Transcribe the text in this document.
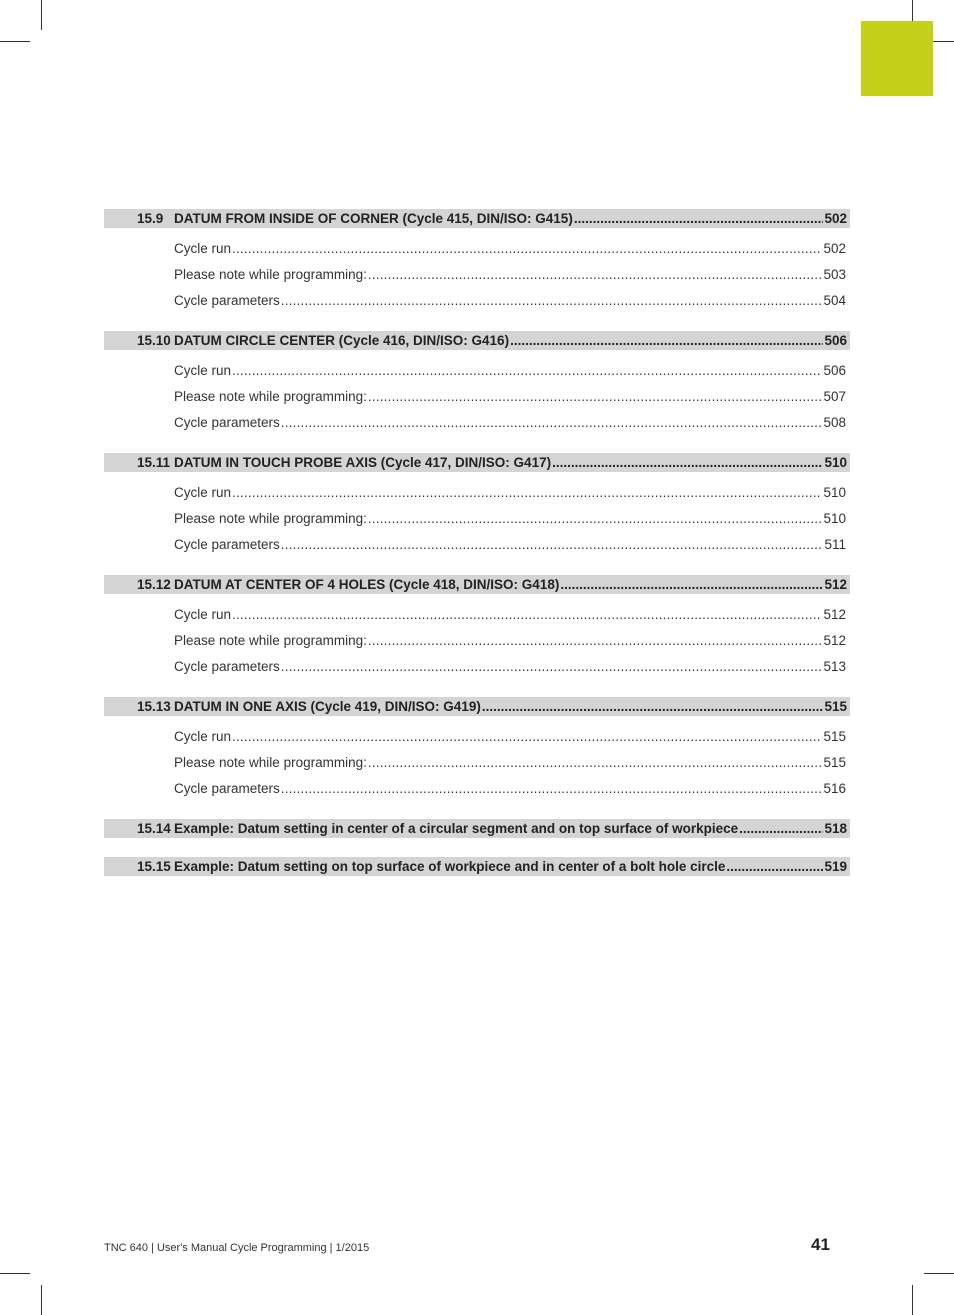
15.9 DATUM FROM INSIDE OF CORNER (Cycle 415, DIN/ISO: G415) .....	502
Cycle run .....	502
Please note while programming: .....	503
Cycle parameters .....	504
15.10 DATUM CIRCLE CENTER (Cycle 416, DIN/ISO: G416) .....	506
Cycle run .....	506
Please note while programming: .....	507
Cycle parameters .....	508
15.11 DATUM IN TOUCH PROBE AXIS (Cycle 417, DIN/ISO: G417) .....	510
Cycle run .....	510
Please note while programming: .....	510
Cycle parameters .....	511
15.12 DATUM AT CENTER OF 4 HOLES (Cycle 418, DIN/ISO: G418) .....	512
Cycle run .....	512
Please note while programming: .....	512
Cycle parameters .....	513
15.13 DATUM IN ONE AXIS (Cycle 419, DIN/ISO: G419) .....	515
Cycle run .....	515
Please note while programming: .....	515
Cycle parameters .....	516
15.14 Example: Datum setting in center of a circular segment and on top surface of workpiece .....	518
15.15 Example: Datum setting on top surface of workpiece and in center of a bolt hole circle .....	519
TNC 640 | User's Manual Cycle Programming | 1/2015	41
